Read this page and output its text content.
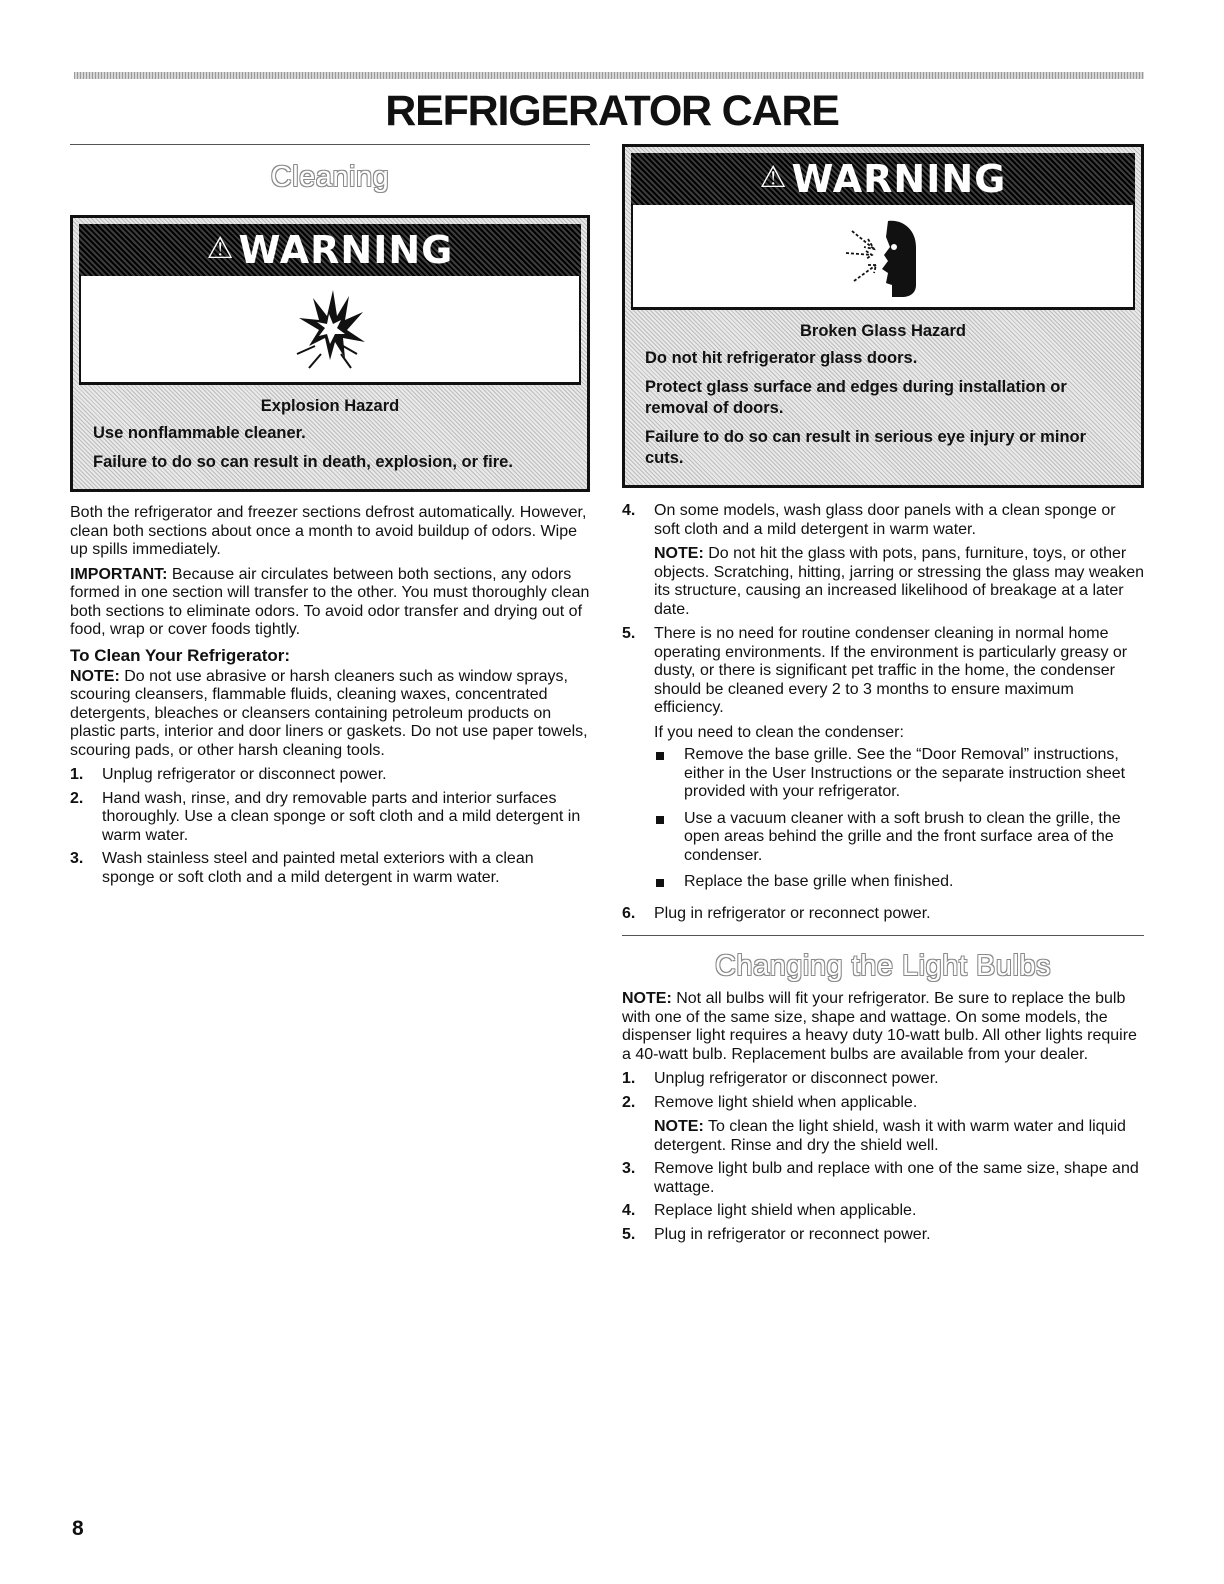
REFRIGERATOR CARE
Cleaning
⚠ WARNING
Explosion Hazard
Use nonflammable cleaner.
Failure to do so can result in death, explosion, or fire.

Both the refrigerator and freezer sections defrost automatically. However, clean both sections about once a month to avoid buildup of odors. Wipe up spills immediately.

IMPORTANT: Because air circulates between both sections, any odors formed in one section will transfer to the other. You must thoroughly clean both sections to eliminate odors. To avoid odor transfer and drying out of food, wrap or cover foods tightly.

To Clean Your Refrigerator:

NOTE: Do not use abrasive or harsh cleaners such as window sprays, scouring cleansers, flammable fluids, cleaning waxes, concentrated detergents, bleaches or cleansers containing petroleum products on plastic parts, interior and door liners or gaskets. Do not use paper towels, scouring pads, or other harsh cleaning tools.

1.	Unplug refrigerator or disconnect power.
2.	Hand wash, rinse, and dry removable parts and interior surfaces thoroughly. Use a clean sponge or soft cloth and a mild detergent in warm water.
3.	Wash stainless steel and painted metal exteriors with a clean sponge or soft cloth and a mild detergent in warm water.
⚠ WARNING
Broken Glass Hazard
Do not hit refrigerator glass doors.
Protect glass surface and edges during installation or removal of doors.
Failure to do so can result in serious eye injury or minor cuts.
4.	On some models, wash glass door panels with a clean sponge or soft cloth and a mild detergent in warm water.
NOTE: Do not hit the glass with pots, pans, furniture, toys, or other objects. Scratching, hitting, jarring or stressing the glass may weaken its structure, causing an increased likelihood of breakage at a later date.
5.	There is no need for routine condenser cleaning in normal home operating environments. If the environment is particularly greasy or dusty, or there is significant pet traffic in the home, the condenser should be cleaned every 2 to 3 months to ensure maximum efficiency.
If you need to clean the condenser:
Remove the base grille. See the “Door Removal” instructions, either in the User Instructions or the separate instruction sheet provided with your refrigerator.
Use a vacuum cleaner with a soft brush to clean the grille, the open areas behind the grille and the front surface area of the condenser.
Replace the base grille when finished.
6.	Plug in refrigerator or reconnect power.
Changing the Light Bulbs

NOTE: Not all bulbs will fit your refrigerator. Be sure to replace the bulb with one of the same size, shape and wattage. On some models, the dispenser light requires a heavy duty 10-watt bulb. All other lights require a 40-watt bulb. Replacement bulbs are available from your dealer.

1.	Unplug refrigerator or disconnect power.
2.	Remove light shield when applicable.
NOTE: To clean the light shield, wash it with warm water and liquid detergent. Rinse and dry the shield well.
3.	Remove light bulb and replace with one of the same size, shape and wattage.
4.	Replace light shield when applicable.
5.	Plug in refrigerator or reconnect power.
8
